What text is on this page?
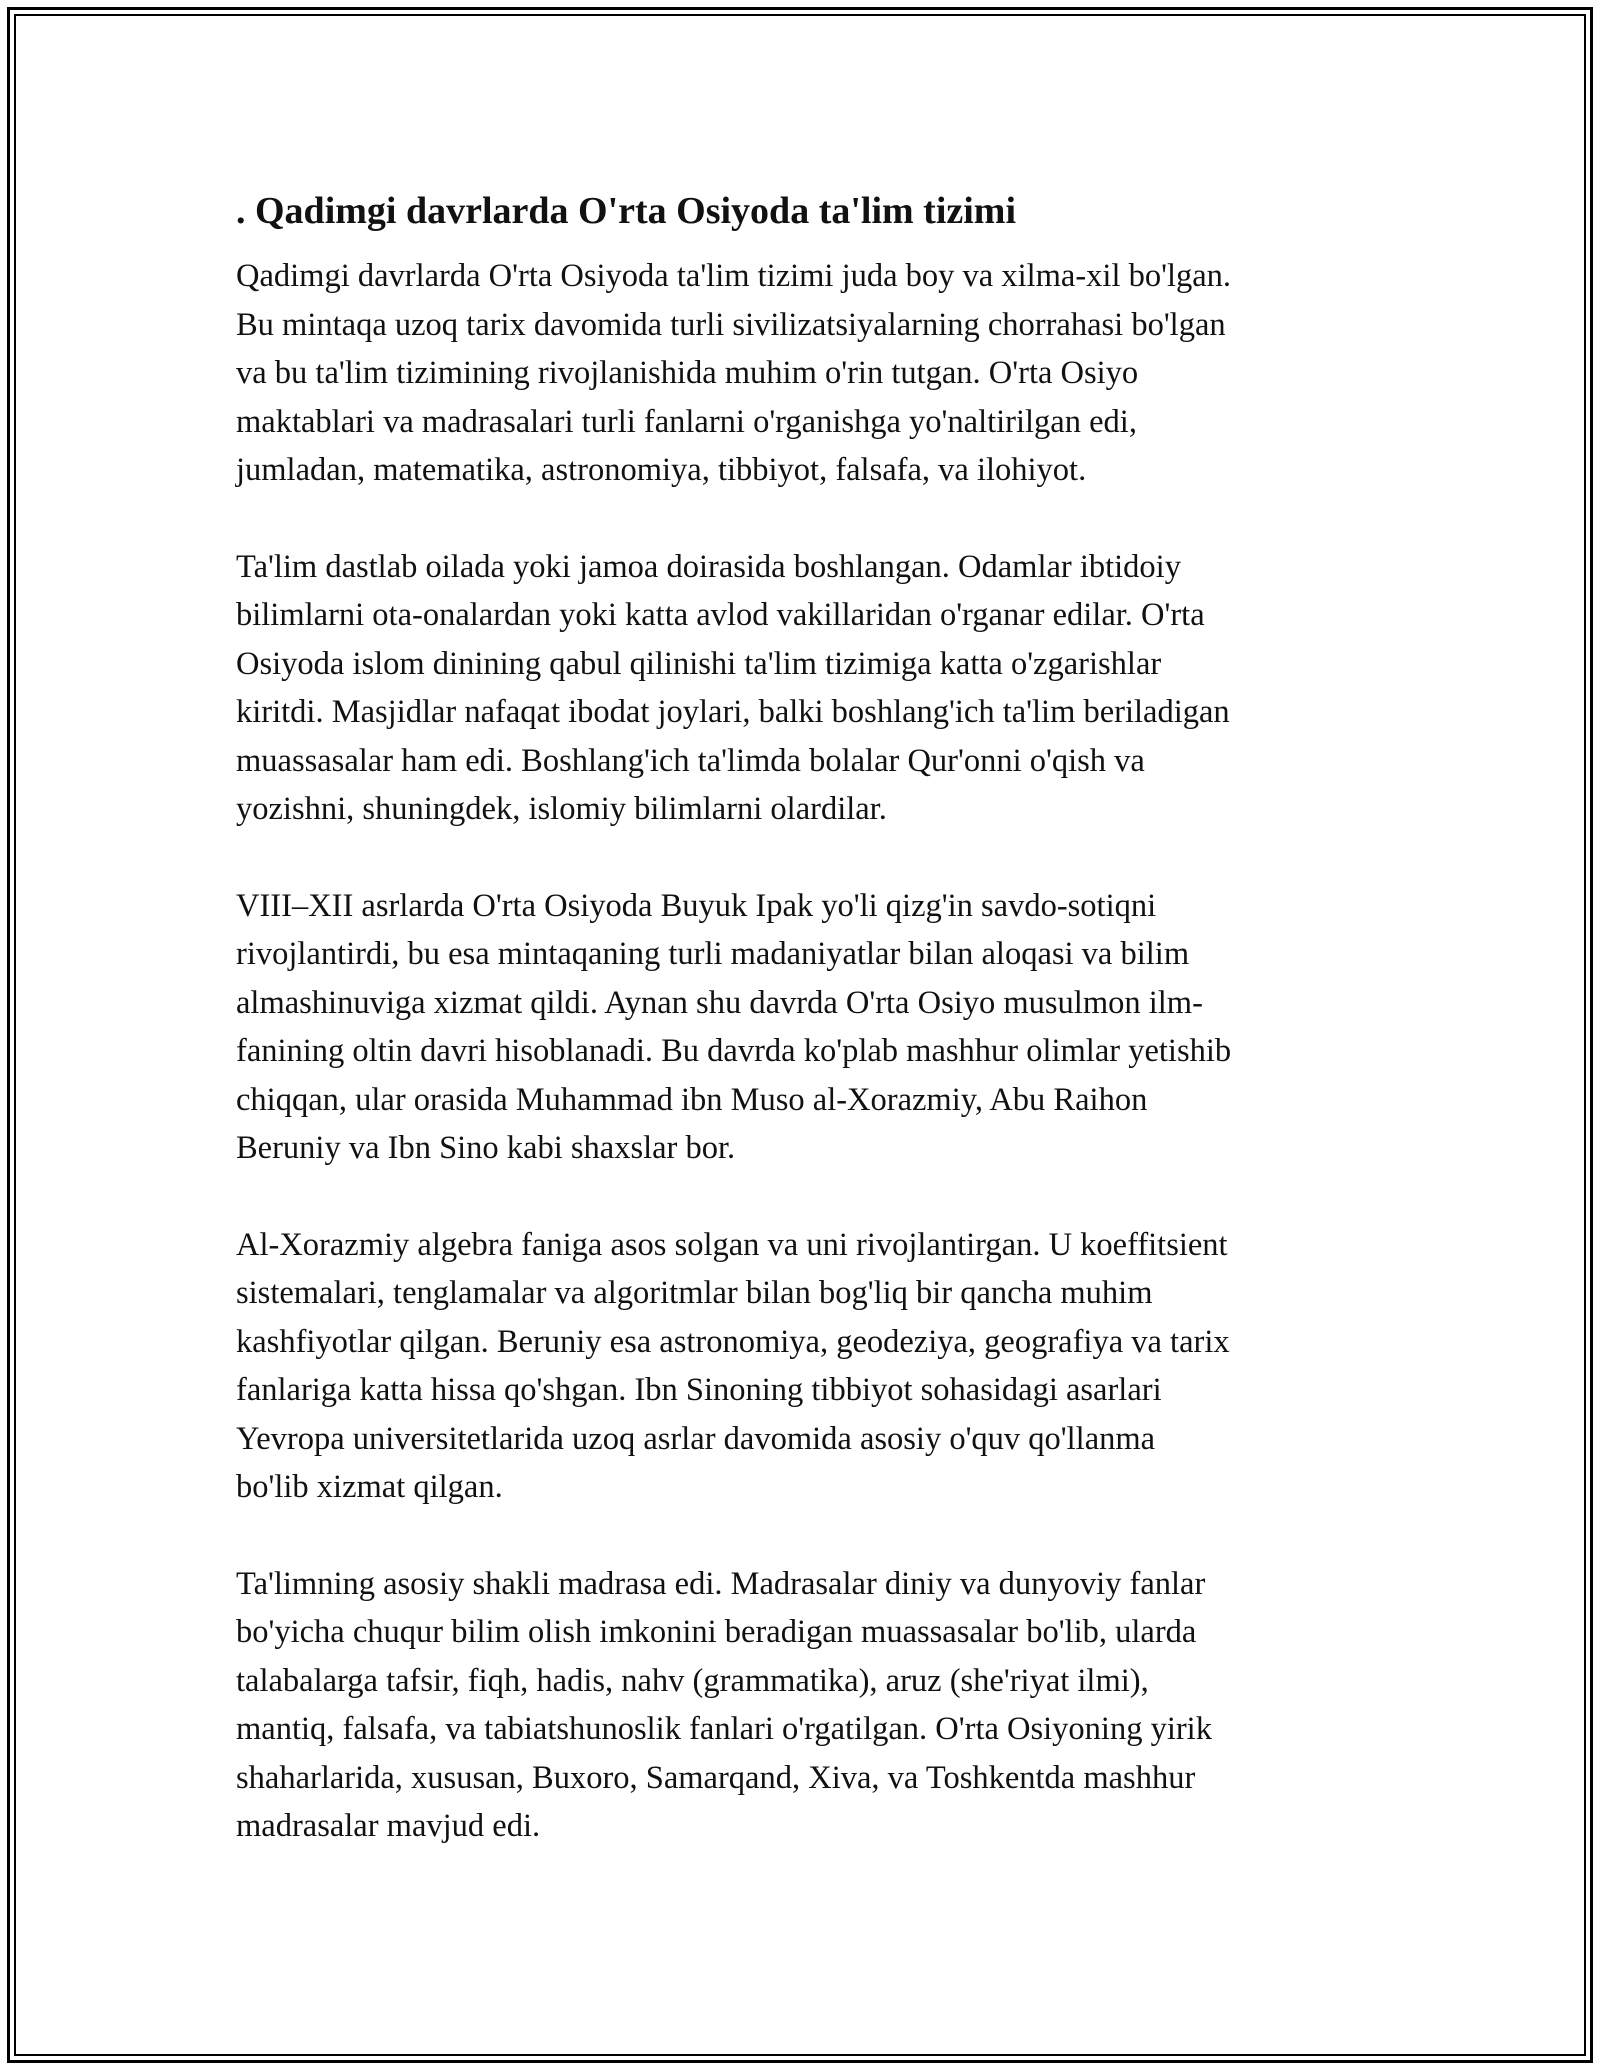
. Qadimgi davrlarda O'rta Osiyoda ta'lim tizimi

Qadimgi davrlarda O'rta Osiyoda ta'lim tizimi juda boy va xilma-xil bo'lgan.
Bu mintaqa uzoq tarix davomida turli sivilizatsiyalarning chorrahasi bo'lgan
va bu ta'lim tizimining rivojlanishida muhim o'rin tutgan. O'rta Osiyo
maktablari va madrasalari turli fanlarni o'rganishga yo'naltirilgan edi,
jumladan, matematika, astronomiya, tibbiyot, falsafa, va ilohiyot.

Ta'lim dastlab oilada yoki jamoa doirasida boshlangan. Odamlar ibtidoiy
bilimlarni ota-onalardan yoki katta avlod vakillaridan o'rganar edilar. O'rta
Osiyoda islom dinining qabul qilinishi ta'lim tizimiga katta o'zgarishlar
kiritdi. Masjidlar nafaqat ibodat joylari, balki boshlang'ich ta'lim beriladigan
muassasalar ham edi. Boshlang'ich ta'limda bolalar Qur'onni o'qish va
yozishni, shuningdek, islomiy bilimlarni olardilar.

VIII–XII asrlarda O'rta Osiyoda Buyuk Ipak yo'li qizg'in savdo-sotiqni
rivojlantirdi, bu esa mintaqaning turli madaniyatlar bilan aloqasi va bilim
almashinuviga xizmat qildi. Aynan shu davrda O'rta Osiyo musulmon ilm-
fanining oltin davri hisoblanadi. Bu davrda ko'plab mashhur olimlar yetishib
chiqqan, ular orasida Muhammad ibn Muso al-Xorazmiy, Abu Raihon
Beruniy va Ibn Sino kabi shaxslar bor.

Al-Xorazmiy algebra faniga asos solgan va uni rivojlantirgan. U koeffitsient
sistemalari, tenglamalar va algoritmlar bilan bog'liq bir qancha muhim
kashfiyotlar qilgan. Beruniy esa astronomiya, geodeziya, geografiya va tarix
fanlariga katta hissa qo'shgan. Ibn Sinoning tibbiyot sohasidagi asarlari
Yevropa universitetlarida uzoq asrlar davomida asosiy o'quv qo'llanma
bo'lib xizmat qilgan.

Ta'limning asosiy shakli madrasa edi. Madrasalar diniy va dunyoviy fanlar
bo'yicha chuqur bilim olish imkonini beradigan muassasalar bo'lib, ularda
talabalarga tafsir, fiqh, hadis, nahv (grammatika), aruz (she'riyat ilmi),
mantiq, falsafa, va tabiatshunoslik fanlari o'rgatilgan. O'rta Osiyoning yirik
shaharlarida, xususan, Buxoro, Samarqand, Xiva, va Toshkentda mashhur
madrasalar mavjud edi.
